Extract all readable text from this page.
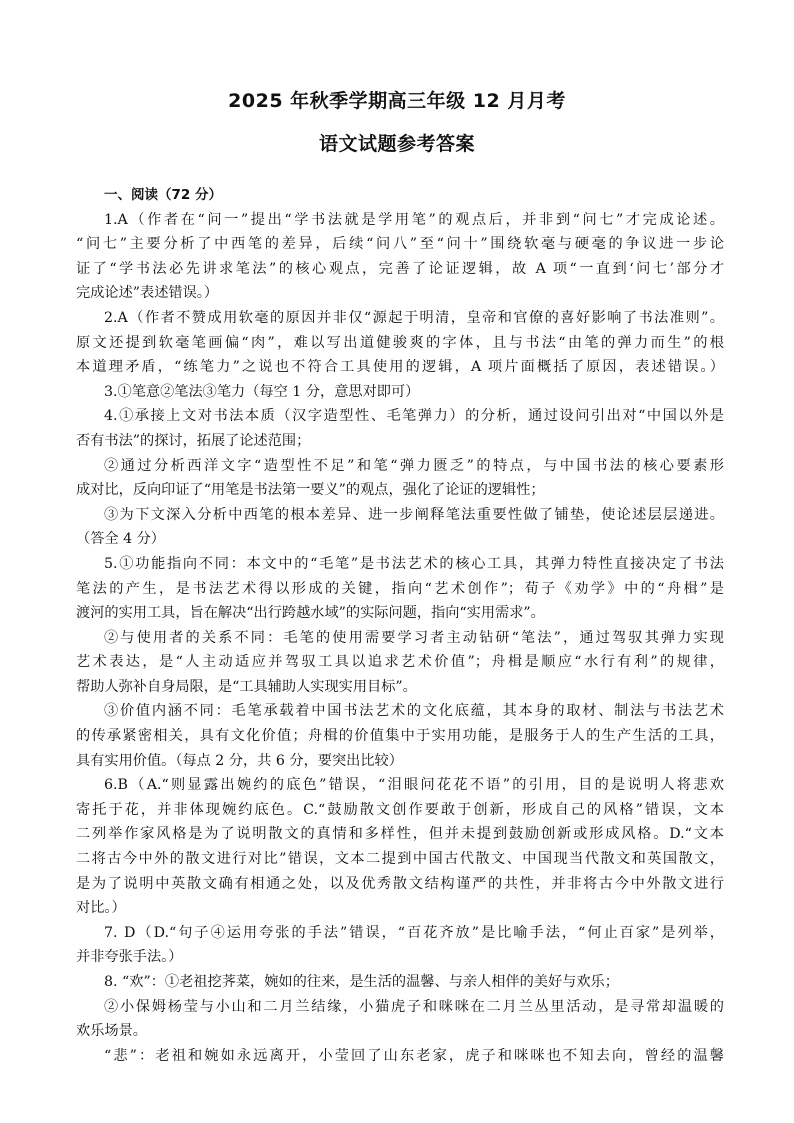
2025 年秋季学期高三年级 12 月月考
语文试题参考答案
一、阅读（72 分）
1.A（作者在“问一”提出“学书法就是学用笔”的观点后，并非到“问七”才完成论述。
“问七”主要分析了中西笔的差异，后续“问八”至“问十”围绕软毫与硬毫的争议进一步论
证了“学书法必先讲求笔法”的核心观点，完善了论证逻辑，故 A 项“一直到‘问七’部分才
完成论述”表述错误。）
2.A（作者不赞成用软毫的原因并非仅“源起于明清，皇帝和官僚的喜好影响了书法准则”。
原文还提到软毫笔画偏“肉”，难以写出道健骏爽的字体，且与书法“由笔的弹力而生”的根
本道理矛盾，“练笔力”之说也不符合工具使用的逻辑，A 项片面概括了原因，表述错误。）
3.①笔意②笔法③笔力（每空 1 分，意思对即可）
4.①承接上文对书法本质（汉字造型性、毛笔弹力）的分析，通过设问引出对“中国以外是
否有书法”的探讨，拓展了论述范围；
②通过分析西洋文字“造型性不足”和笔“弹力匮乏”的特点，与中国书法的核心要素形
成对比，反向印证了“用笔是书法第一要义”的观点，强化了论证的逻辑性；
③为下文深入分析中西笔的根本差异、进一步阐释笔法重要性做了铺垫，使论述层层递进。
（答全 4 分）
5.①功能指向不同：本文中的“毛笔”是书法艺术的核心工具，其弹力特性直接决定了书法
笔法的产生，是书法艺术得以形成的关键，指向“艺术创作”；荀子《劝学》中的“舟楫”是
渡河的实用工具，旨在解决“出行跨越水域”的实际问题，指向“实用需求”。
②与使用者的关系不同：毛笔的使用需要学习者主动钻研“笔法”，通过驾驭其弹力实现
艺术表达，是“人主动适应并驾驭工具以追求艺术价值”；舟楫是顺应“水行有利”的规律，
帮助人弥补自身局限，是“工具辅助人实现实用目标”。
③价值内涵不同：毛笔承载着中国书法艺术的文化底蕴，其本身的取材、制法与书法艺术
的传承紧密相关，具有文化价值；舟楫的价值集中于实用功能，是服务于人的生产生活的工具，
具有实用价值。（每点 2 分，共 6 分，要突出比较）
6.B（A.“则显露出婉约的底色”错误，“泪眼问花花不语”的引用，目的是说明人将悲欢
寄托于花，并非体现婉约底色。C.“鼓励散文创作要敢于创新，形成自己的风格”错误，文本
二列举作家风格是为了说明散文的真情和多样性，但并未提到鼓励创新或形成风格。D.“文本
二将古今中外的散文进行对比”错误，文本二提到中国古代散文、中国现当代散文和英国散文，
是为了说明中英散文确有相通之处，以及优秀散文结构谨严的共性，并非将古今中外散文进行
对比。）
7. D（D.“句子④运用夸张的手法”错误，“百花齐放”是比喻手法，“何止百家”是列举，
并非夸张手法。）
8. “欢”：①老祖挖荠菜，婉如的往来，是生活的温馨、与亲人相伴的美好与欢乐；
②小保姆杨莹与小山和二月兰结缘，小猫虎子和咪咪在二月兰丛里活动，是寻常却温暖的
欢乐场景。
“悲”：老祖和婉如永远离开，小莹回了山东老家，虎子和咪咪也不知去向，曾经的温馨
